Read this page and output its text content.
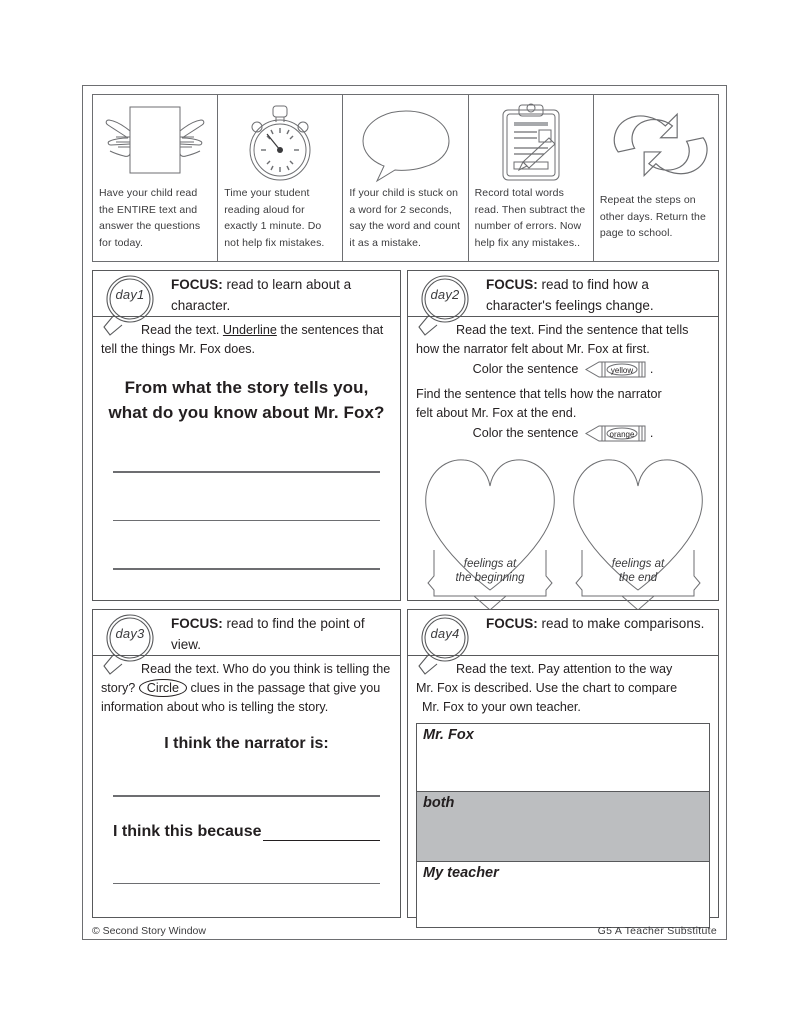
Have your child read the ENTIRE text and answer the questions for today.
Time your student reading aloud for exactly 1 minute. Do not help fix mistakes.
If your child is stuck on a word for 2 seconds, say the word and count it as a mistake.
Record total words read. Then subtract the number of errors. Now help fix any mistakes..
Repeat the steps on other days. Return the page to school.
day1
FOCUS: read to learn about a character.
Read the text. Underline the sentences that tell the things Mr. Fox does.
From what the story tells you,
what do you know about Mr. Fox?
day2
FOCUS: read to find how a character's feelings change.
Read the text. Find the sentence that tells
how the narrator felt about Mr. Fox at first.
Color the sentence	yellow .
Find the sentence that tells how the narrator
felt about Mr. Fox at the end.
Color the sentence	orange .
feelings at
the beginning
feelings at
the end
day3
FOCUS: read to find the point of view.
Read the text. Who do you think is telling the story? Circle clues in the passage that give you information about who is telling the story.
I think the narrator is:
I think this because
day4
FOCUS: read to make comparisons.
Read the text. Pay attention to the way
Mr. Fox is described. Use the chart to compare
Mr. Fox to your own teacher.
Mr. Fox
both
My teacher
© Second Story Window	G5 A Teacher Substitute
